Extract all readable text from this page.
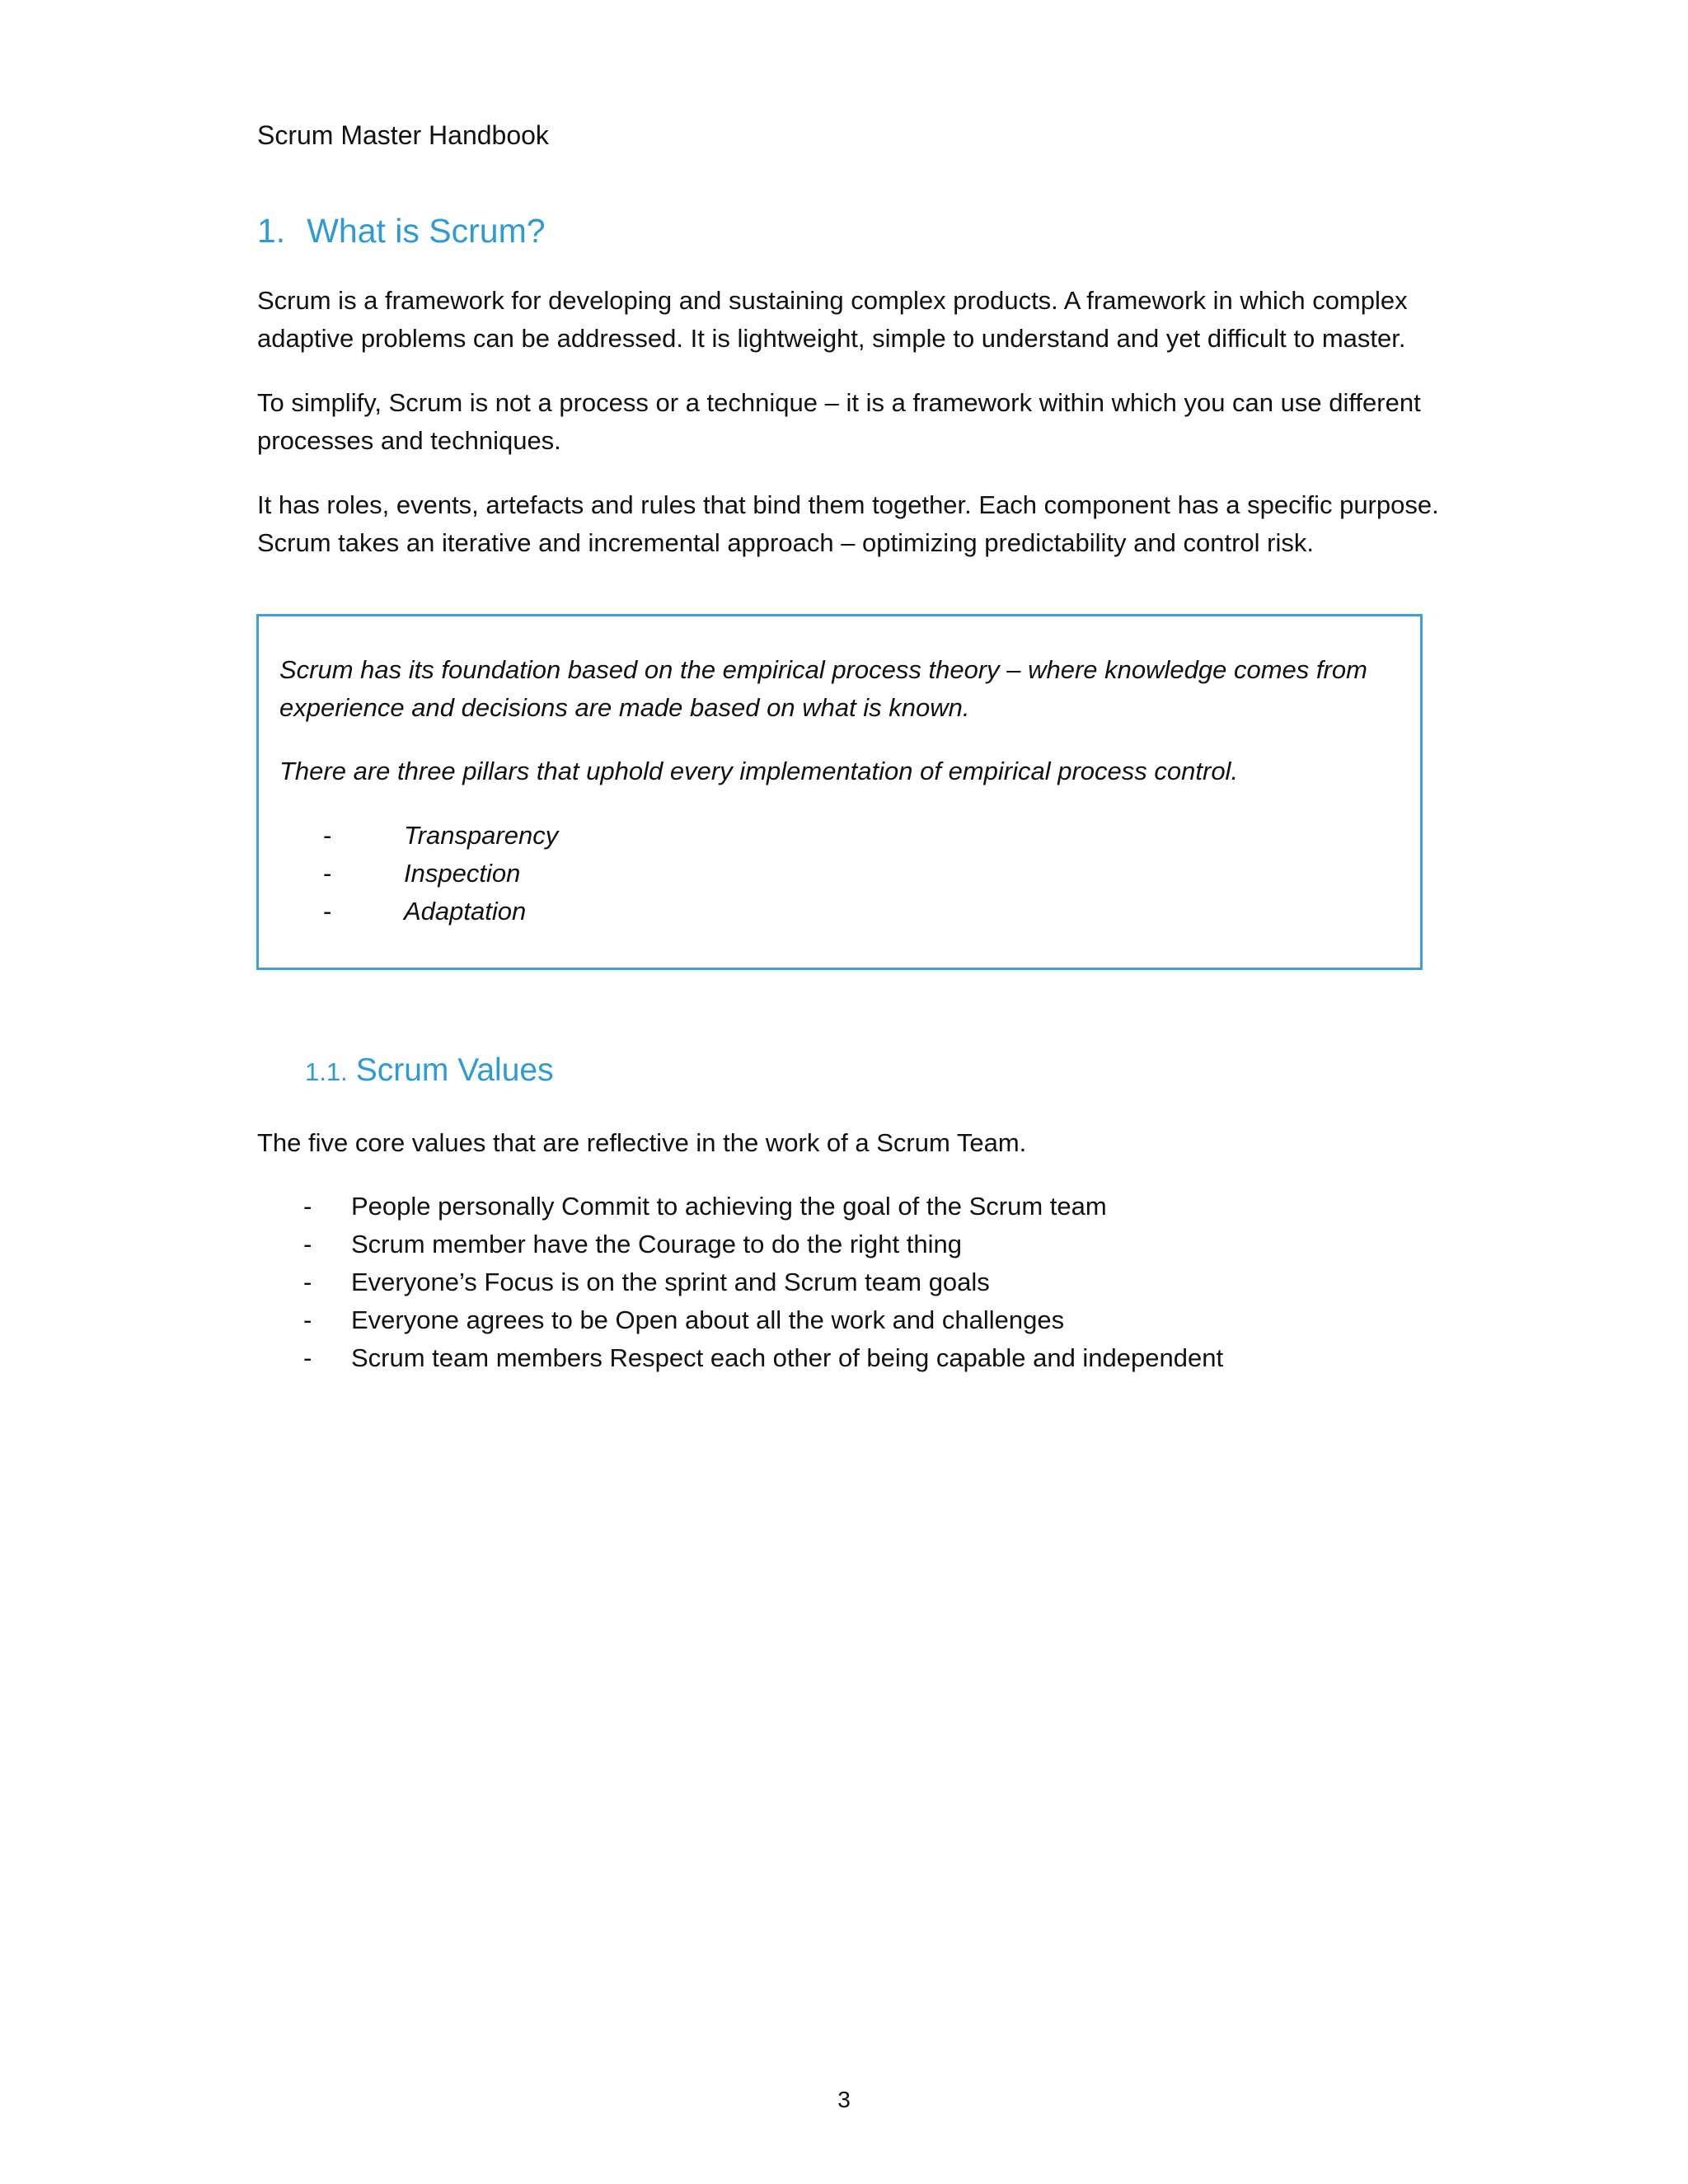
Scrum Master Handbook
1. What is Scrum?
Scrum is a framework for developing and sustaining complex products. A framework in which complex adaptive problems can be addressed. It is lightweight, simple to understand and yet difficult to master.
To simplify, Scrum is not a process or a technique – it is a framework within which you can use different processes and techniques.
It has roles, events, artefacts and rules that bind them together. Each component has a specific purpose. Scrum takes an iterative and incremental approach – optimizing predictability and control risk.
Scrum has its foundation based on the empirical process theory – where knowledge comes from experience and decisions are made based on what is known.
There are three pillars that uphold every implementation of empirical process control.
-	Transparency
-	Inspection
-	Adaptation
1.1. Scrum Values
The five core values that are reflective in the work of a Scrum Team.
- People personally Commit to achieving the goal of the Scrum team
- Scrum member have the Courage to do the right thing
- Everyone’s Focus is on the sprint and Scrum team goals
- Everyone agrees to be Open about all the work and challenges
- Scrum team members Respect each other of being capable and independent
3
